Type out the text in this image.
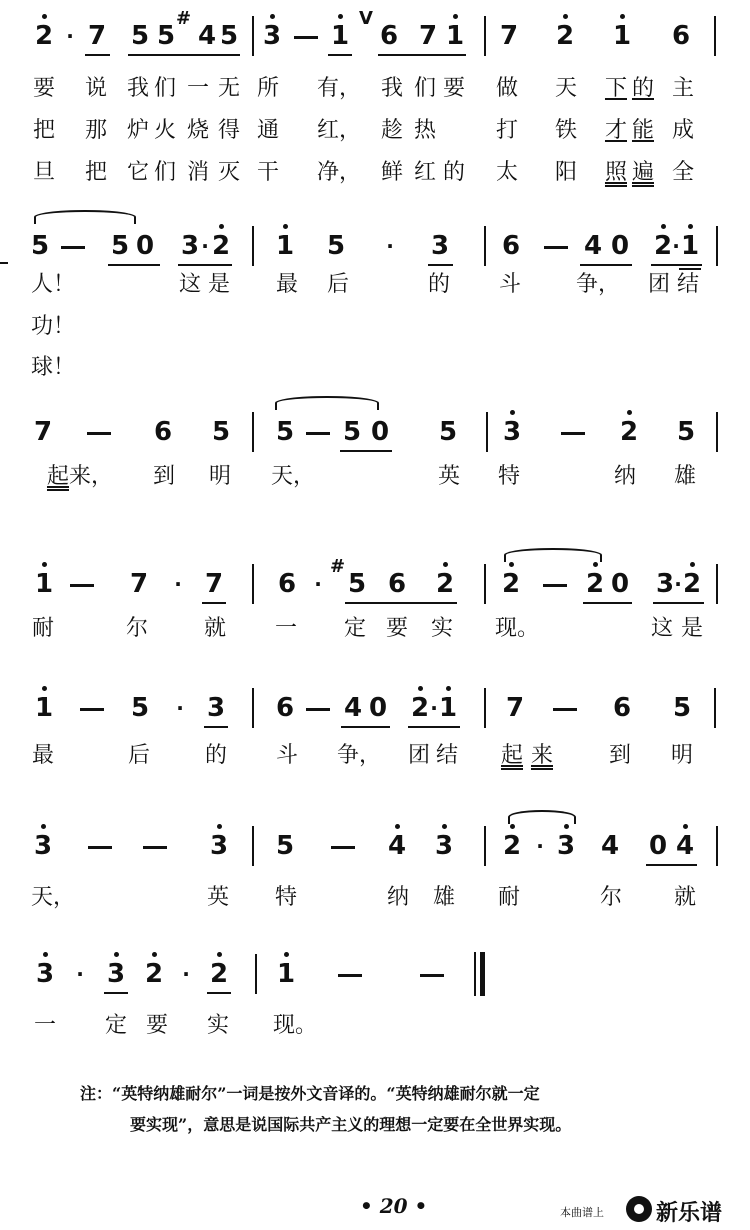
2 · 7 5 5
#
4 5 3 1
V
6 7 1 7 2 1 6
5 5 0 3 · 2 1 5 · 3 6 4 0 2 · 1
7	6 5 5 5 0 5 3	2 5
1	7 · 7 6 ·
#
5 6 2 2	2 0 3 · 2
1	5 · 3 6 4 0 2 · 1 7	6 5
3	3 5	4 3 2 · 3 4 0 4
3 · 3 2 · 2 1
要 说 我 们 一 无 所 有， 我 们 要 做 天 下 的 主
把 那 炉 火 烧 得 通 红， 趁 热	打 铁 才 能 成
旦 把 它 们 消 灭 干 净， 鲜 红 的 太 阳 照 遍 全
人！	这 是 最 后	的 斗	争， 团 结
功！
球！
起 来， 到 明 天，	英 特	纳 雄
耐	尔	就 一 定 要 实 现。	这 是
最	后 的 斗 争， 团 结 起 来	到 明
天，	英 特	纳 雄 耐	尔 就
一 定 要 实 现。
注：“英特纳雄耐尔”一词是按外文音译的。“英特纳雄耐尔就一定
要实现”，意思是说国际共产主义的理想一定要在全世界实现。
• 20 •	本曲谱上 新乐谱
